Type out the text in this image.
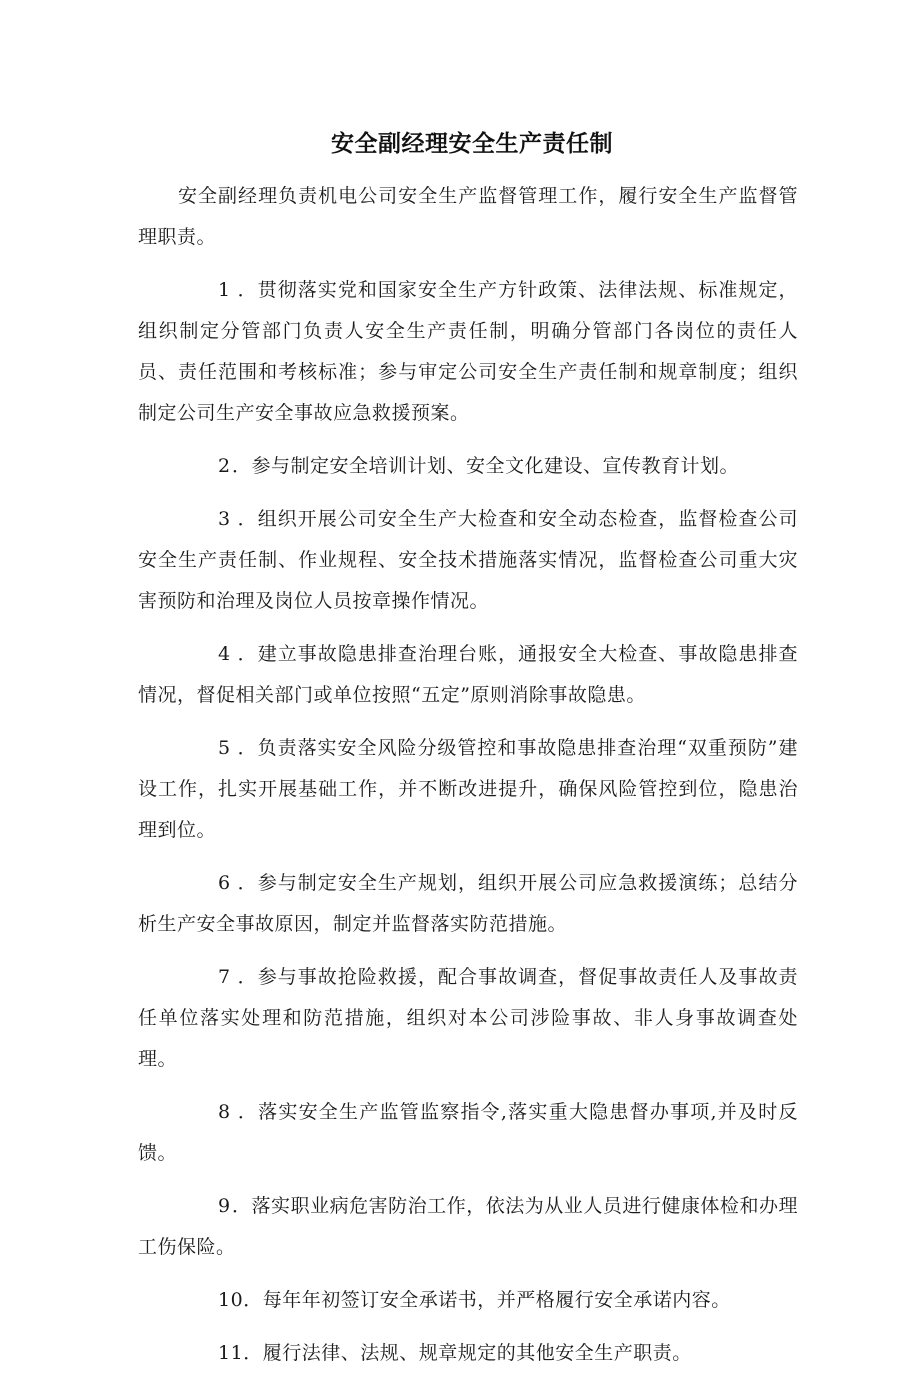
安全副经理安全生产责任制

安全副经理负责机电公司安全生产监督管理工作，履行安全生产监督管理职责。

1 ．贯彻落实党和国家安全生产方针政策、法律法规、标准规定，组织制定分管部门负责人安全生产责任制，明确分管部门各岗位的责任人员、责任范围和考核标准；参与审定公司安全生产责任制和规章制度；组织制定公司生产安全事故应急救援预案。

2．参与制定安全培训计划、安全文化建设、宣传教育计划。

3 ．组织开展公司安全生产大检查和安全动态检查，监督检查公司安全生产责任制、作业规程、安全技术措施落实情况，监督检查公司重大灾害预防和治理及岗位人员按章操作情况。

4 ．建立事故隐患排查治理台账，通报安全大检查、事故隐患排查情况，督促相关部门或单位按照“五定”原则消除事故隐患。

5 ．负责落实安全风险分级管控和事故隐患排查治理“双重预防”建设工作，扎实开展基础工作，并不断改进提升，确保风险管控到位，隐患治理到位。

6 ．参与制定安全生产规划，组织开展公司应急救援演练；总结分析生产安全事故原因，制定并监督落实防范措施。

7 ．参与事故抢险救援，配合事故调查，督促事故责任人及事故责任单位落实处理和防范措施，组织对本公司涉险事故、非人身事故调查处理。

8 ．落实安全生产监管监察指令,落实重大隐患督办事项,并及时反馈。

9．落实职业病危害防治工作，依法为从业人员进行健康体检和办理工伤保险。

10．每年年初签订安全承诺书，并严格履行安全承诺内容。

11．履行法律、法规、规章规定的其他安全生产职责。
